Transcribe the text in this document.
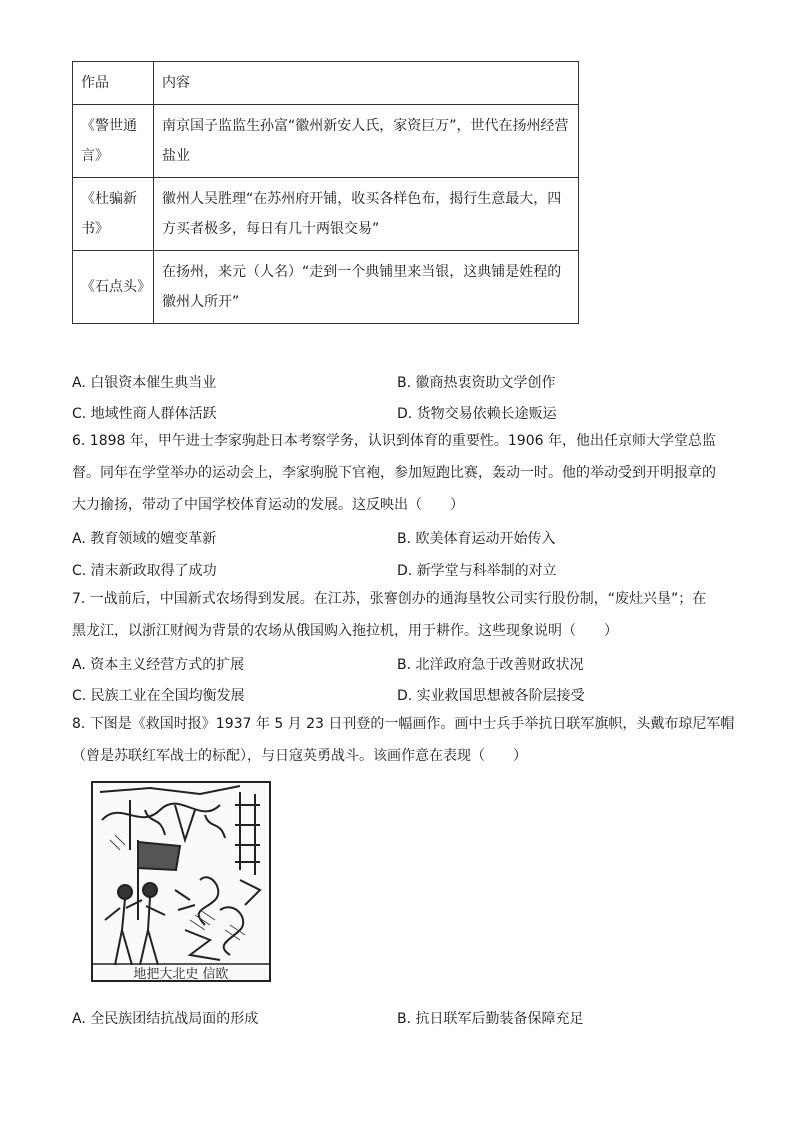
作品	内容
《警世通言》	南京国子监监生孙富“徽州新安人氏，家资巨万”，世代在扬州经营盐业
《杜骗新书》	徽州人吴胜理“在苏州府开铺，收买各样色布，揭行生意最大，四方买者极多，每日有几十两银交易”
《石点头》	在扬州，来元（人名）“走到一个典铺里来当银，这典铺是姓程的徽州人所开”
A. 白银资本催生典当业	B. 徽商热衷资助文学创作
C. 地域性商人群体活跃	D. 货物交易依赖长途贩运
6. 1898 年，甲午进士李家驹赴日本考察学务，认识到体育的重要性。1906 年，他出任京师大学堂总监
督。同年在学堂举办的运动会上，李家驹脱下官袍，参加短跑比赛，轰动一时。他的举动受到开明报章的
大力揄扬，带动了中国学校体育运动的发展。这反映出（　　）
A. 教育领域的嬗变革新	B. 欧美体育运动开始传入
C. 清末新政取得了成功	D. 新学堂与科举制的对立
7. 一战前后，中国新式农场得到发展。在江苏，张謇创办的通海垦牧公司实行股份制，“废灶兴垦”；在
黑龙江，以浙江财阀为背景的农场从俄国购入拖拉机，用于耕作。这些现象说明（　　）
A. 资本主义经营方式的扩展	B. 北洋政府急于改善财政状况
C. 民族工业在全国均衡发展	D. 实业救国思想被各阶层接受
8. 下图是《救国时报》1937 年 5 月 23 日刊登的一幅画作。画中士兵手举抗日联军旗帜，头戴布琼尼军帽
（曾是苏联红军战士的标配），与日寇英勇战斗。该画作意在表现（　　）
地把大北史 信欧
A. 全民族团结抗战局面的形成	B. 抗日联军后勤装备保障充足
